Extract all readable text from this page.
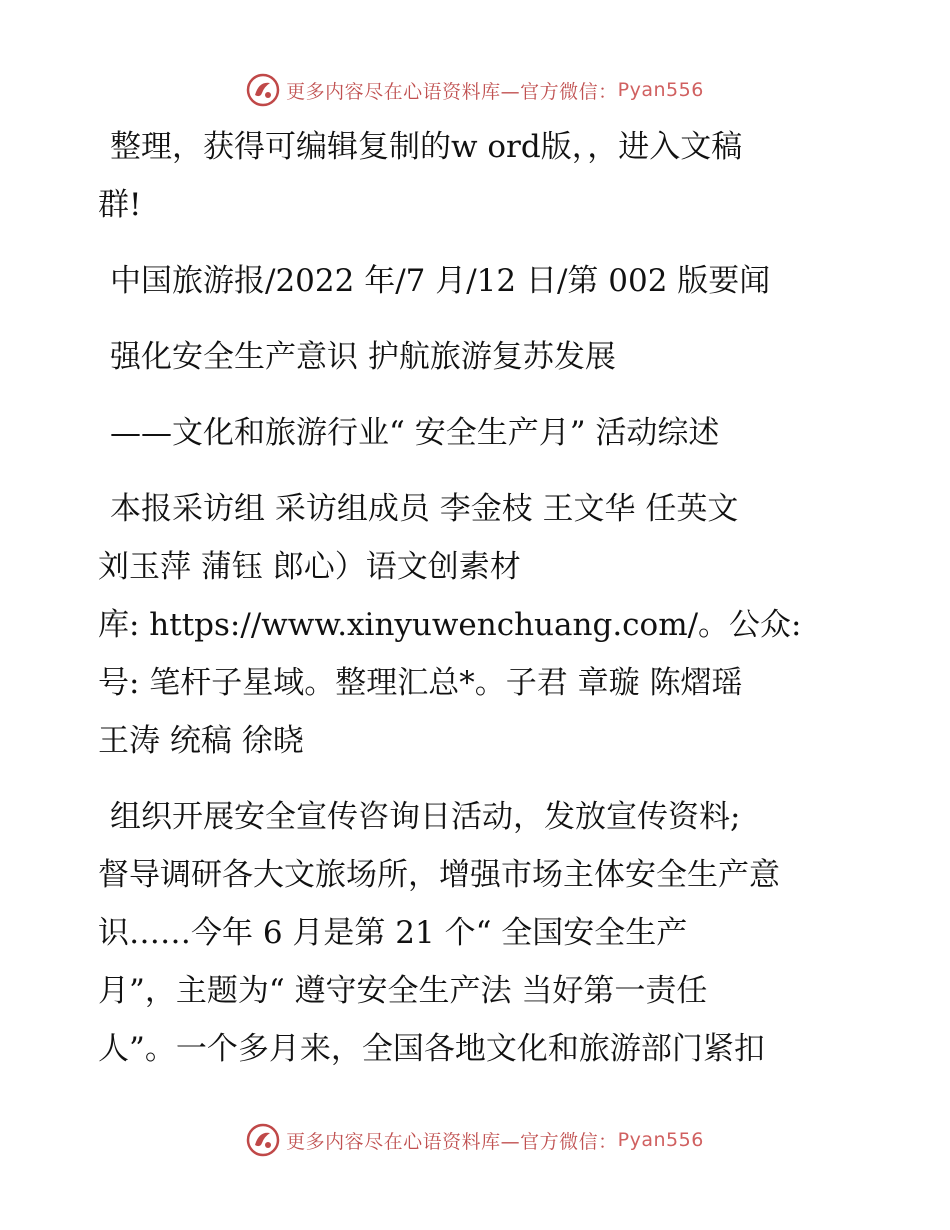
更多内容尽在心语资料库—官方微信： Pyan556

整理，获得可编辑复制的w ord版，，进入文稿

群!

中国旅游报/2022 年/7 月/12 日/第 002 版要闻

强化安全生产意识 护航旅游复苏发展

——文化和旅游行业“ 安全生产月” 活动综述

本报采访组 采访组成员 李金枝 王文华 任英文

刘玉萍 蒲钰 郎心）语文创素材

库: https://www.xinyuwenchuang.com/。公众:

号: 笔杆子星域。整理汇总*。子君 章璇 陈熠瑶

王涛 统稿 徐晓

组织开展安全宣传咨询日活动，发放宣传资料;

督导调研各大文旅场所，增强市场主体安全生产意

识……今年 6 月是第 21 个“ 全国安全生产

月”，主题为“ 遵守安全生产法 当好第一责任

人”。一个多月来，全国各地文化和旅游部门紧扣

更多内容尽在心语资料库—官方微信： Pyan556
